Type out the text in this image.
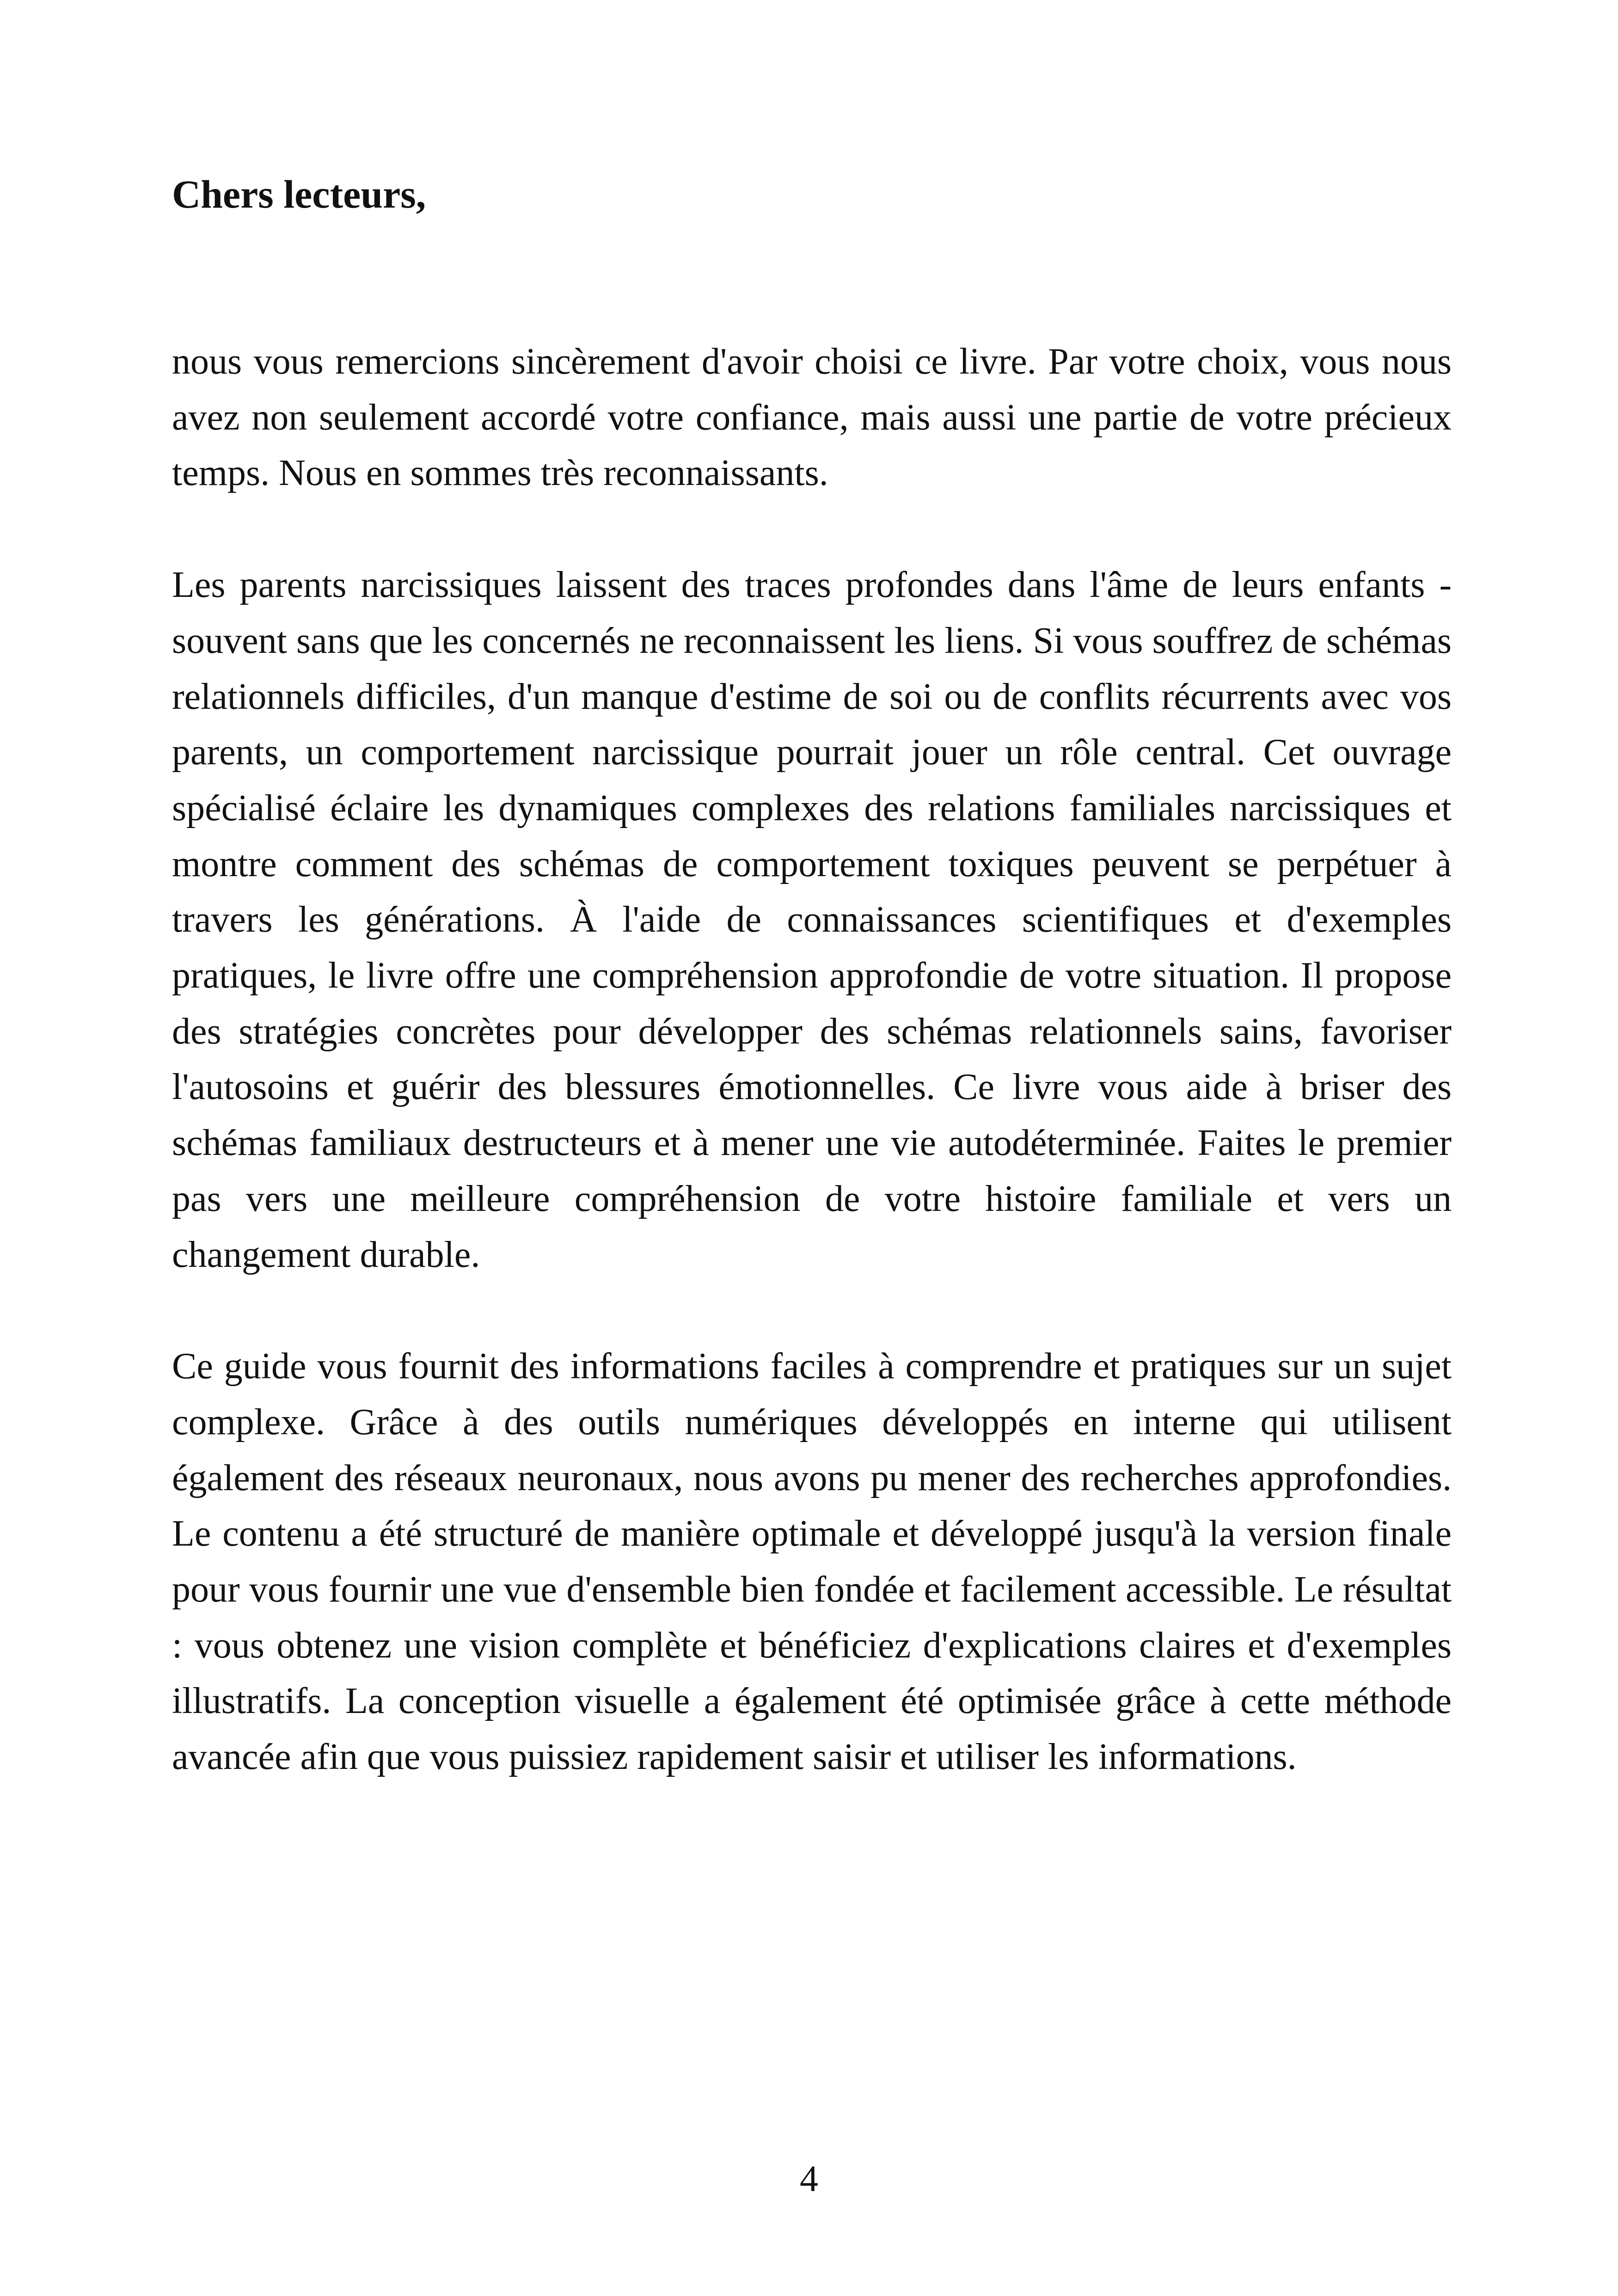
Chers lecteurs,

nous vous remercions sincèrement d'avoir choisi ce livre. Par votre choix, vous nous avez non seulement accordé votre confiance, mais aussi une partie de votre précieux temps. Nous en sommes très reconnaissants.

Les parents narcissiques laissent des traces profondes dans l'âme de leurs enfants - souvent sans que les concernés ne reconnaissent les liens. Si vous souffrez de schémas relationnels difficiles, d'un manque d'estime de soi ou de conflits récurrents avec vos parents, un comportement narcissique pourrait jouer un rôle central. Cet ouvrage spécialisé éclaire les dynamiques complexes des relations familiales narcissiques et montre comment des schémas de comportement toxiques peuvent se perpétuer à travers les générations. À l'aide de connaissances scientifiques et d'exemples pratiques, le livre offre une compréhension approfondie de votre situation. Il propose des stratégies concrètes pour développer des schémas relationnels sains, favoriser l'autosoins et guérir des blessures émotionnelles. Ce livre vous aide à briser des schémas familiaux destructeurs et à mener une vie autodéterminée. Faites le premier pas vers une meilleure compréhension de votre histoire familiale et vers un changement durable.

Ce guide vous fournit des informations faciles à comprendre et pratiques sur un sujet complexe. Grâce à des outils numériques développés en interne qui utilisent également des réseaux neuronaux, nous avons pu mener des recherches approfondies. Le contenu a été structuré de manière optimale et développé jusqu'à la version finale pour vous fournir une vue d'ensemble bien fondée et facilement accessible. Le résultat : vous obtenez une vision complète et bénéficiez d'explications claires et d'exemples illustratifs. La conception visuelle a également été optimisée grâce à cette méthode avancée afin que vous puissiez rapidement saisir et utiliser les informations.

4
